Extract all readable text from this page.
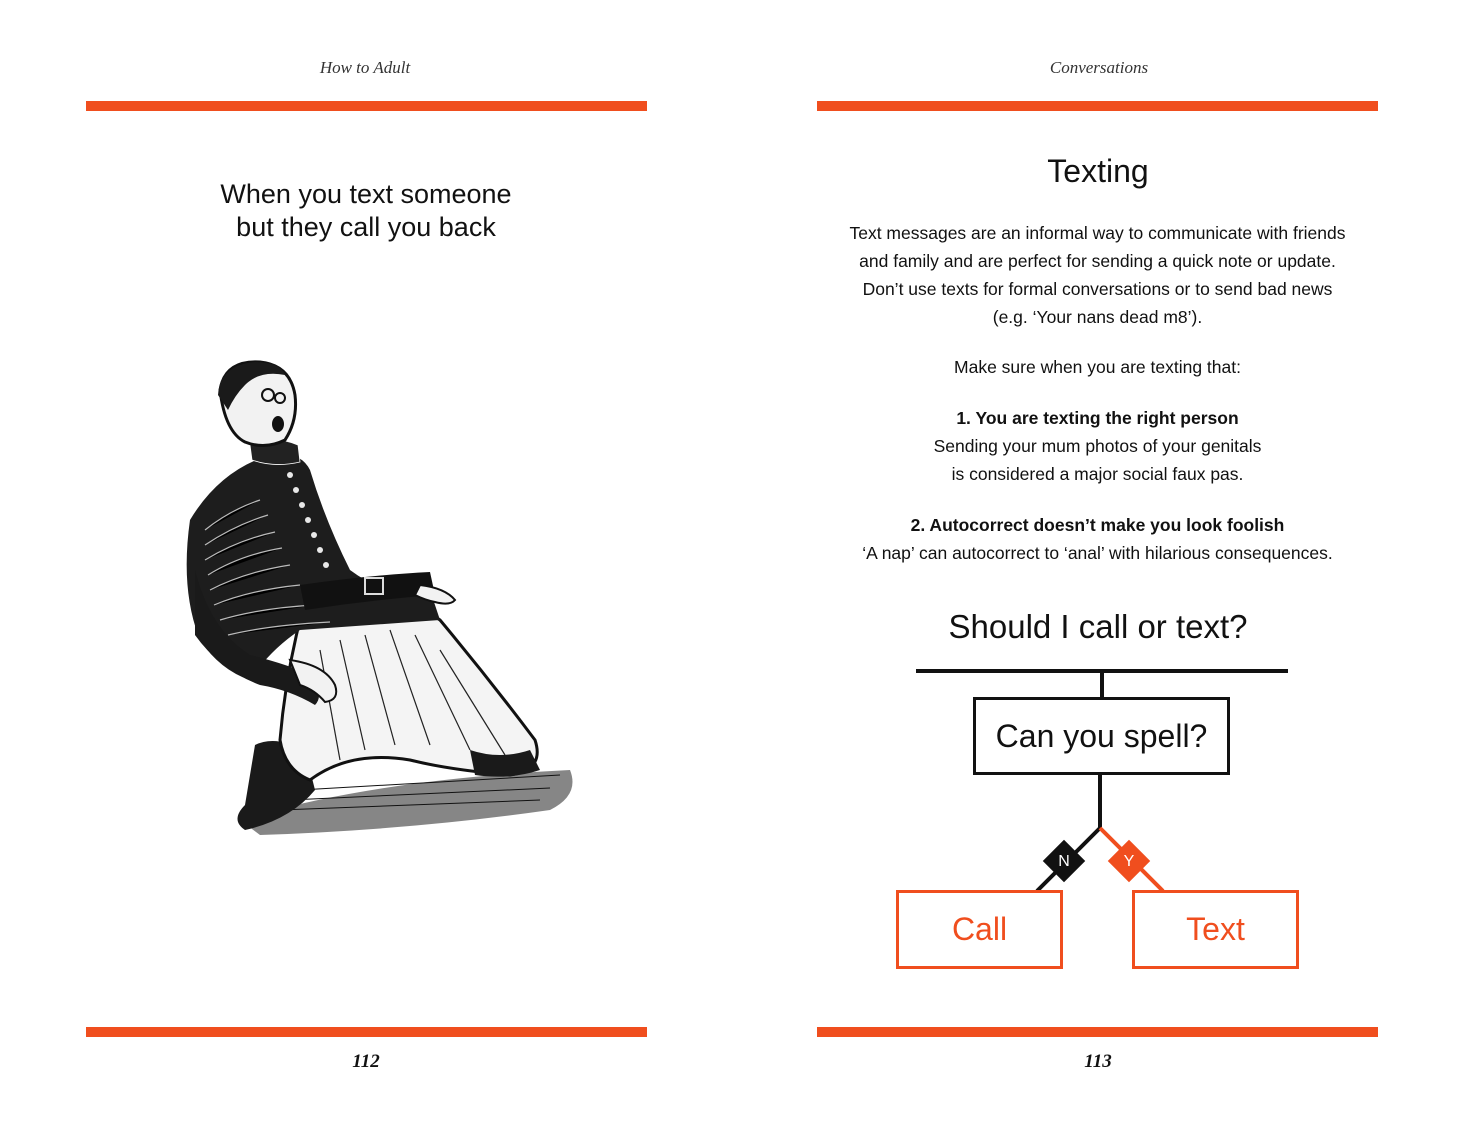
How to Adult
When you text someone
but they call you back
112
Conversations
Texting
Text messages are an informal way to communicate with friends
and family and are perfect for sending a quick note or update.
Don’t use texts for formal conversations or to send bad news
(e.g. ‘Your nans dead m8’).
Make sure when you are texting that:
1. You are texting the right person
Sending your mum photos of your genitals
is considered a major social faux pas.
2. Autocorrect doesn’t make you look foolish
‘A nap’ can autocorrect to ‘anal’ with hilarious consequences.
Should I call or text?
Can you spell?
N	Y
Call	Text
113
